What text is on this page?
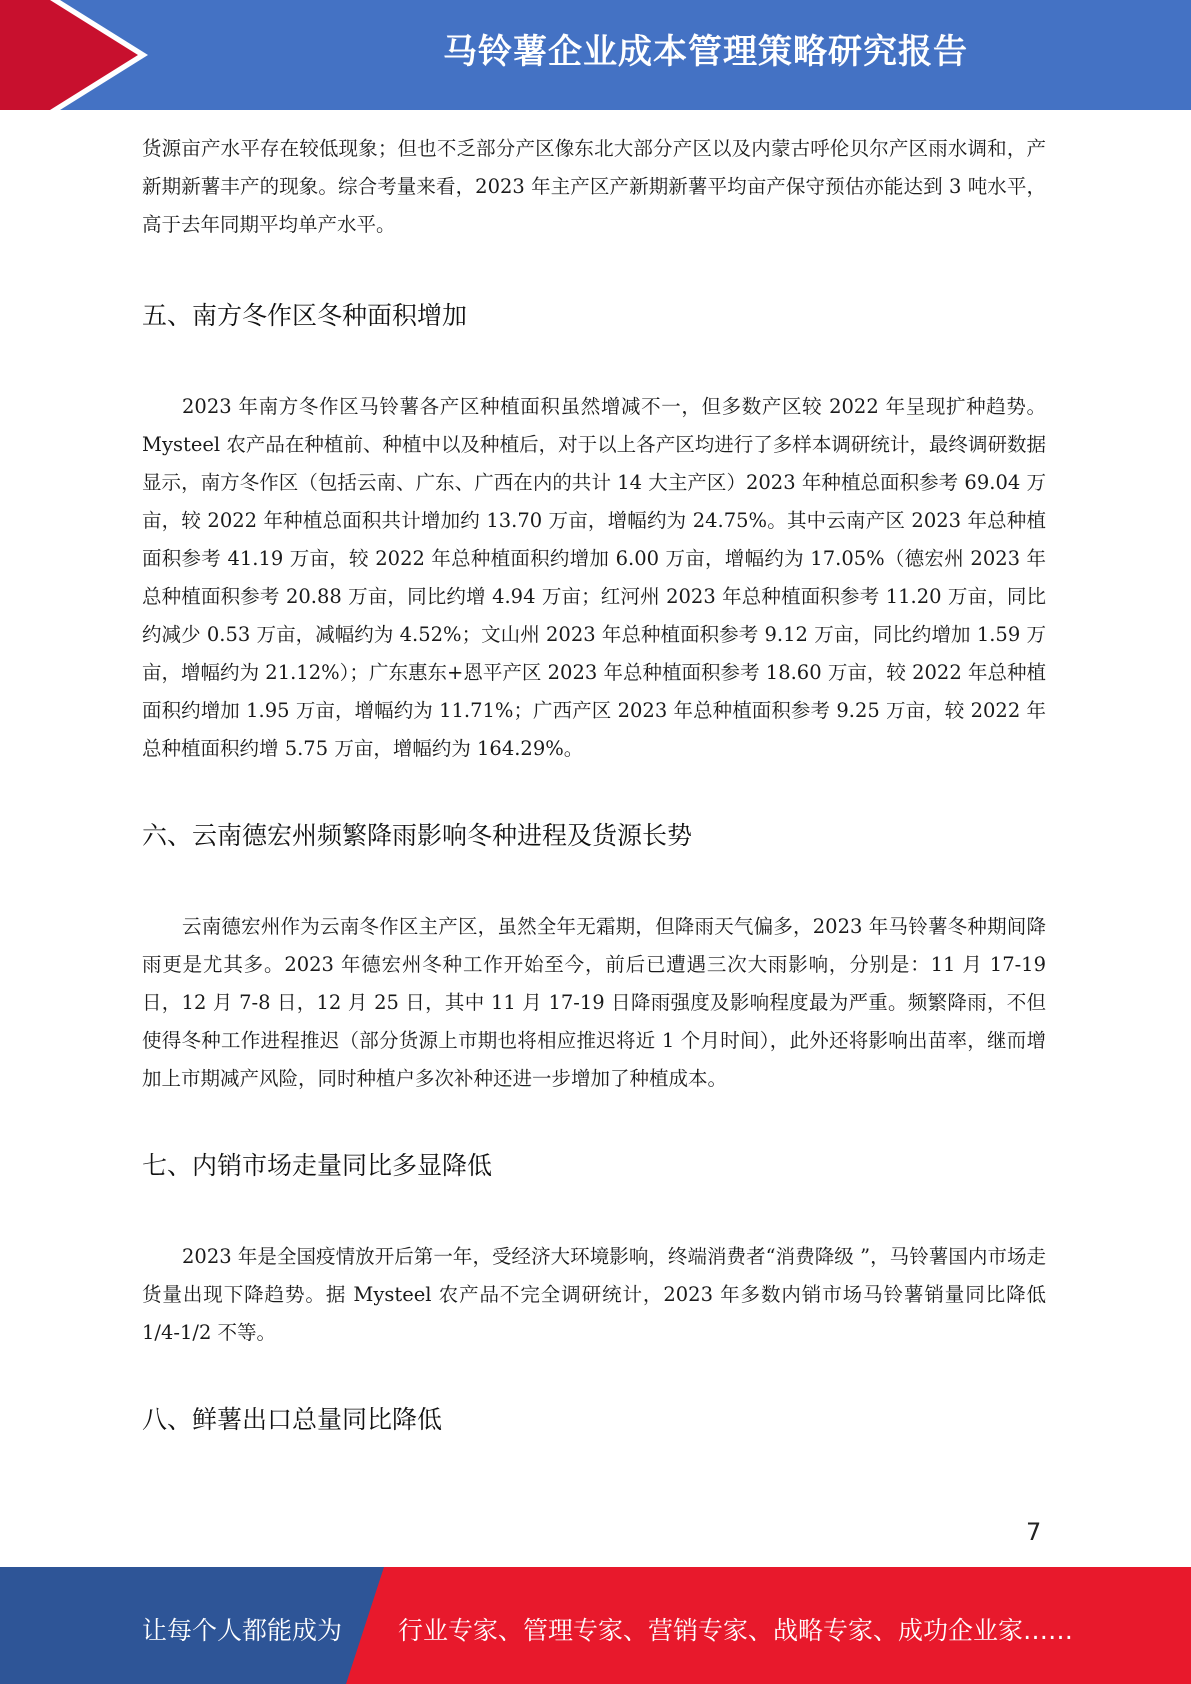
马铃薯企业成本管理策略研究报告

货源亩产水平存在较低现象；但也不乏部分产区像东北大部分产区以及内蒙古呼伦贝尔产区雨水调和，产新期新薯丰产的现象。综合考量来看，2023 年主产区产新期新薯平均亩产保守预估亦能达到 3 吨水平，高于去年同期平均单产水平。

五、南方冬作区冬种面积增加

2023 年南方冬作区马铃薯各产区种植面积虽然增减不一，但多数产区较 2022 年呈现扩种趋势。Mysteel 农产品在种植前、种植中以及种植后，对于以上各产区均进行了多样本调研统计，最终调研数据显示，南方冬作区（包括云南、广东、广西在内的共计 14 大主产区）2023 年种植总面积参考 69.04 万亩，较 2022 年种植总面积共计增加约 13.70 万亩，增幅约为 24.75%。其中云南产区 2023 年总种植面积参考 41.19 万亩，较 2022 年总种植面积约增加 6.00 万亩，增幅约为 17.05%（德宏州 2023 年总种植面积参考 20.88 万亩，同比约增 4.94 万亩；红河州 2023 年总种植面积参考 11.20 万亩，同比约减少 0.53 万亩，减幅约为 4.52%；文山州 2023 年总种植面积参考 9.12 万亩，同比约增加 1.59 万亩，增幅约为 21.12%）；广东惠东+恩平产区 2023 年总种植面积参考 18.60 万亩，较 2022 年总种植面积约增加 1.95 万亩，增幅约为 11.71%；广西产区 2023 年总种植面积参考 9.25 万亩，较 2022 年总种植面积约增 5.75 万亩，增幅约为 164.29%。

六、云南德宏州频繁降雨影响冬种进程及货源长势

云南德宏州作为云南冬作区主产区，虽然全年无霜期，但降雨天气偏多，2023 年马铃薯冬种期间降雨更是尤其多。2023 年德宏州冬种工作开始至今，前后已遭遇三次大雨影响，分别是：11 月 17-19 日，12 月 7-8 日，12 月 25 日，其中 11 月 17-19 日降雨强度及影响程度最为严重。频繁降雨，不但使得冬种工作进程推迟（部分货源上市期也将相应推迟将近 1 个月时间），此外还将影响出苗率，继而增加上市期减产风险，同时种植户多次补种还进一步增加了种植成本。

七、内销市场走量同比多显降低

2023 年是全国疫情放开后第一年，受经济大环境影响，终端消费者“消费降级 ”，马铃薯国内市场走货量出现下降趋势。据 Mysteel 农产品不完全调研统计，2023 年多数内销市场马铃薯销量同比降低 1/4-1/2 不等。

八、鲜薯出口总量同比降低
7
让每个人都能成为 行业专家、管理专家、营销专家、战略专家、成功企业家……
